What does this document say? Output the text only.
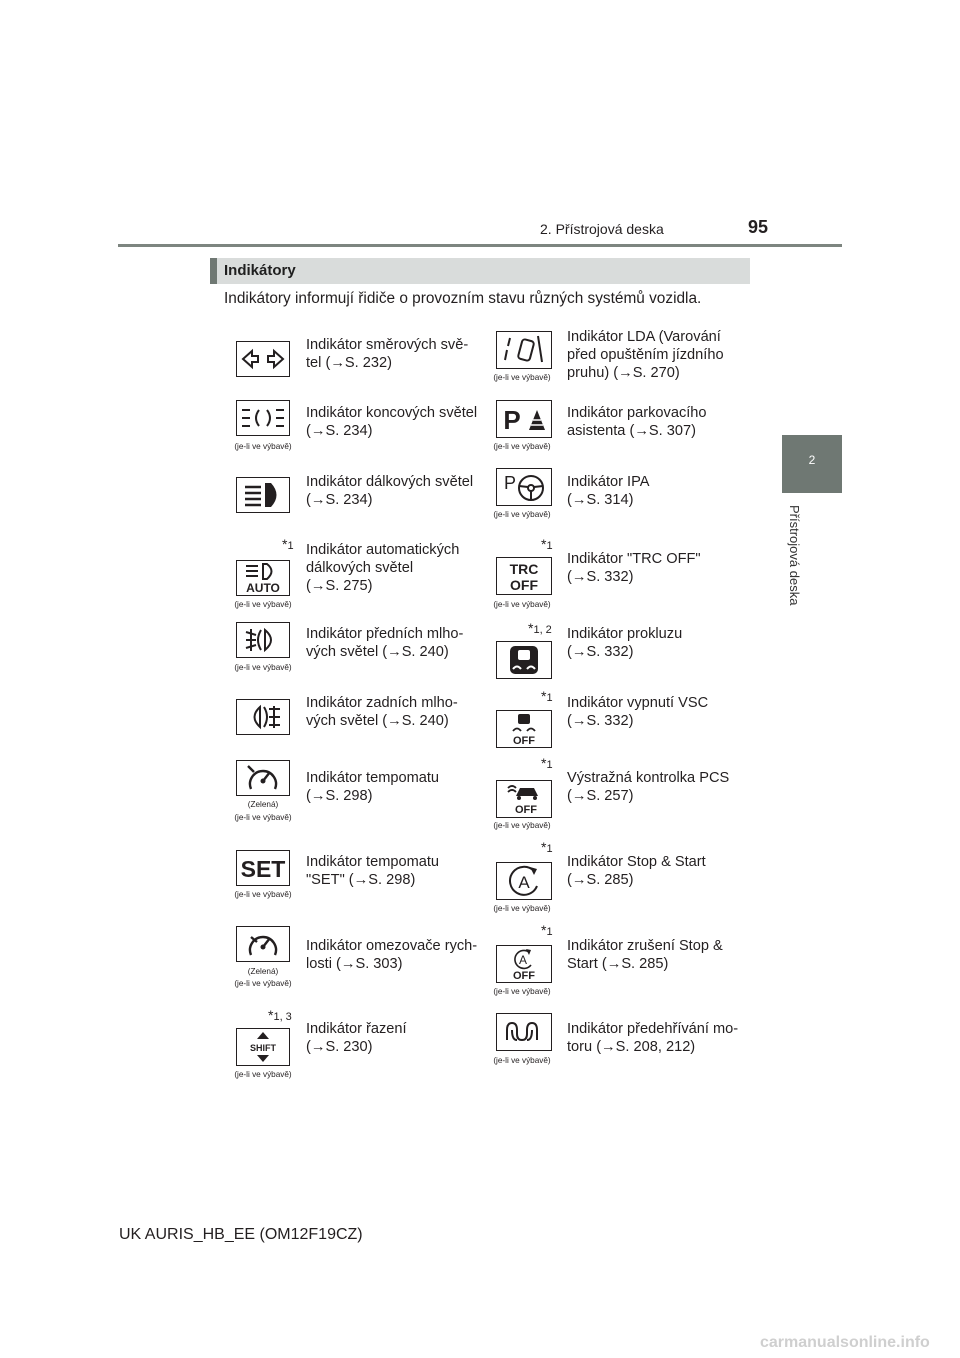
2. Přístrojová deska	95
2
Přístrojová deska
Indikátory
Indikátory informují řidiče o provozním stavu různých systémů vozidla.
(je-li ve výbavě)
*1
AUTO
(je-li ve výbavě)
(je-li ve výbavě)
(Zelená)
(je-li ve výbavě)
SET
(je-li ve výbavě)
(Zelená)
(je-li ve výbavě)
*1, 3
SHIFT
(je-li ve výbavě)
Indikátor směrových svě-
tel (→S. 232)
Indikátor koncových světel
(→S. 234)
Indikátor dálkových světel
(→S. 234)
Indikátor automatických
dálkových světel
(→S. 275)
Indikátor předních mlho-
vých světel (→S. 240)
Indikátor zadních mlho-
vých světel (→S. 240)
Indikátor tempomatu
(→S. 298)
Indikátor tempomatu
"SET" (→S. 298)
Indikátor omezovače rych-
losti (→S. 303)
Indikátor řazení
(→S. 230)
(je-li ve výbavě)
P
(je-li ve výbavě)
P
(je-li ve výbavě)
*1
TRC
OFF
(je-li ve výbavě)
*1, 2
*1
OFF
*1
OFF
(je-li ve výbavě)
*1
A
(je-li ve výbavě)
*1
A
OFF
(je-li ve výbavě)
(je-li ve výbavě)
Indikátor LDA (Varování
před opuštěním jízdního
pruhu) (→S. 270)
Indikátor parkovacího
asistenta (→S. 307)
Indikátor IPA
(→S. 314)
Indikátor "TRC OFF"
(→S. 332)
Indikátor prokluzu
(→S. 332)
Indikátor vypnutí VSC
(→S. 332)
Výstražná kontrolka PCS
(→S. 257)
Indikátor Stop & Start
(→S. 285)
Indikátor zrušení Stop &
Start (→S. 285)
Indikátor předehřívání mo-
toru (→S. 208, 212)
UK AURIS_HB_EE (OM12F19CZ)
carmanualsonline.info
